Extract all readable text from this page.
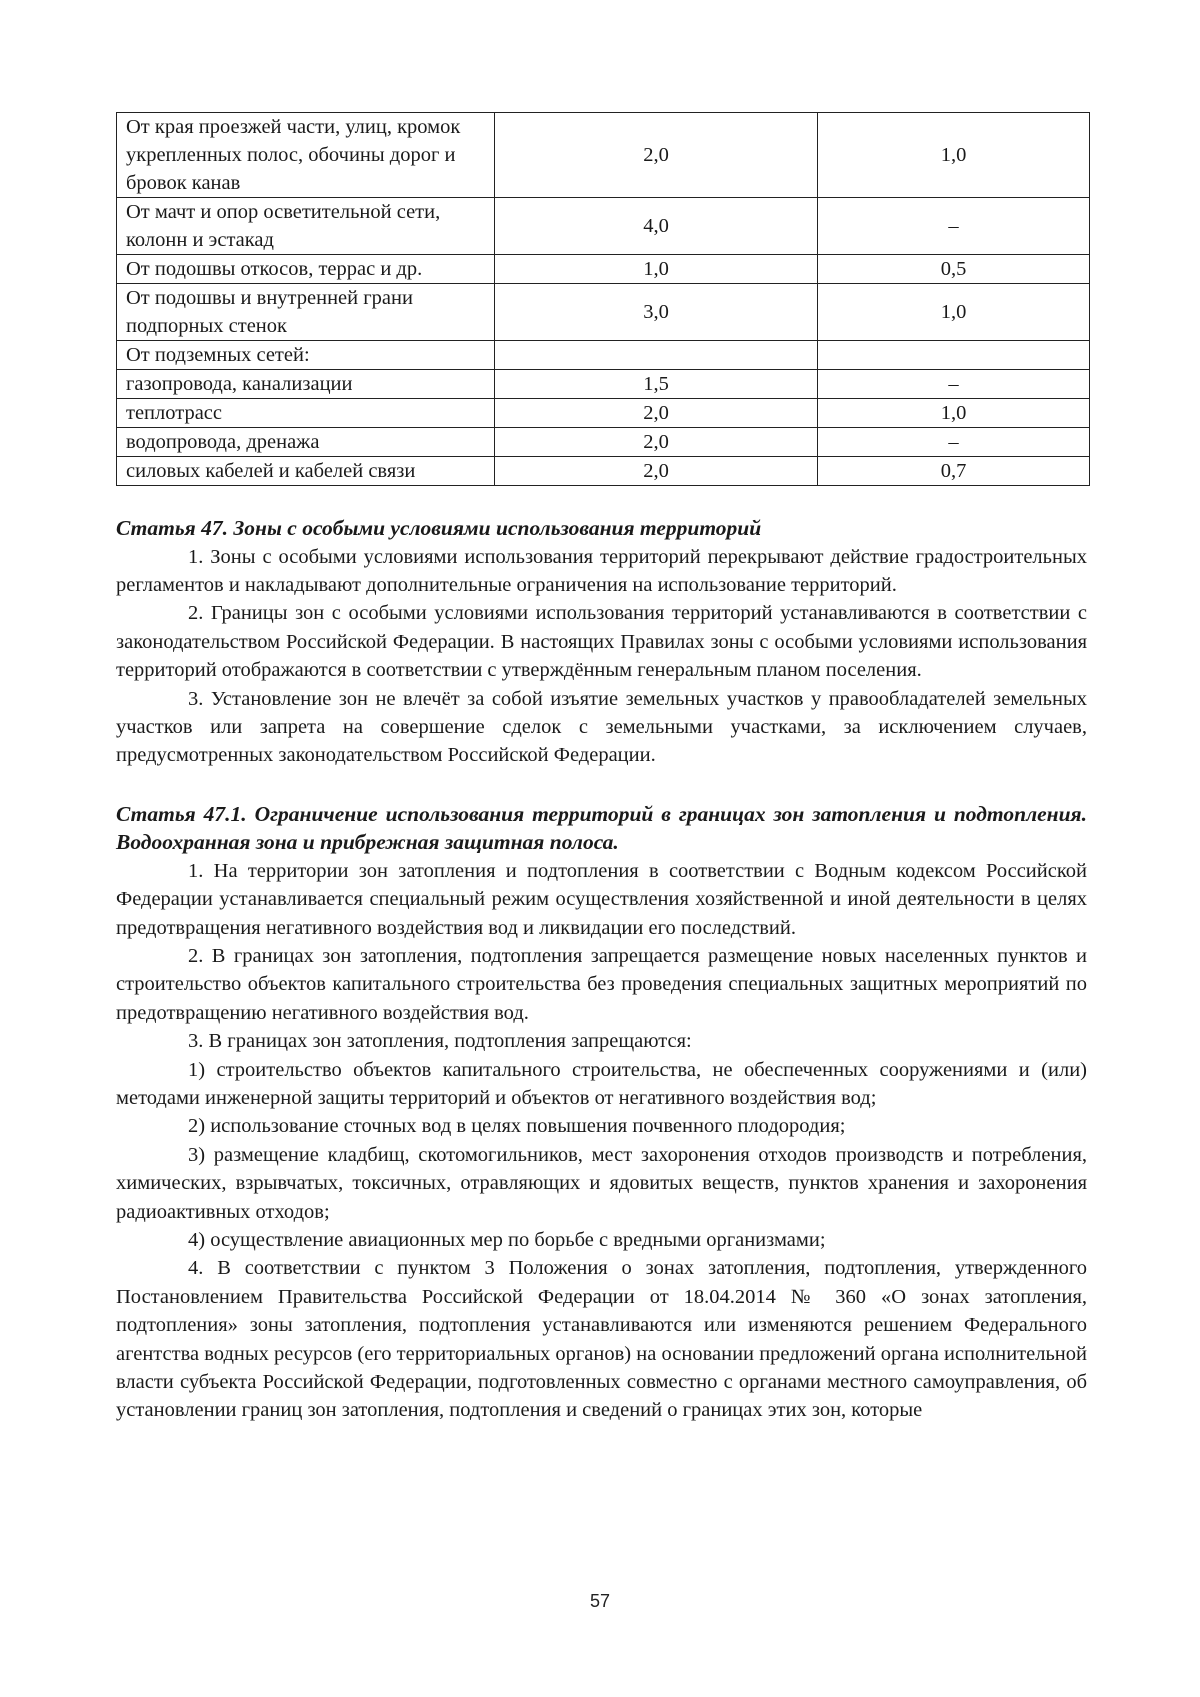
От края проезжей части, улиц, кромок укрепленных полос, обочины дорог и бровок канав	2,0	1,0
От мачт и опор осветительной сети, колонн и эстакад	4,0	–
От подошвы откосов, террас и др.	1,0	0,5
От подошвы и внутренней грани подпорных стенок	3,0	1,0
От подземных сетей:		
газопровода, канализации	1,5	–
теплотрасс	2,0	1,0
водопровода, дренажа	2,0	–
силовых кабелей и кабелей связи	2,0	0,7

Статья 47. Зоны с особыми условиями использования территорий

1. Зоны с особыми условиями использования территорий перекрывают действие градостроительных регламентов и накладывают дополнительные ограничения на использование территорий.

2. Границы зон с особыми условиями использования территорий устанавливаются в соответствии с законодательством Российской Федерации. В настоящих Правилах зоны с особыми условиями использования территорий отображаются в соответствии с утверждённым генеральным планом поселения.

3. Установление зон не влечёт за собой изъятие земельных участков у правообладателей земельных участков или запрета на совершение сделок с земельными участками, за исключением случаев, предусмотренных законодательством Российской Федерации.

Статья 47.1. Ограничение использования территорий в границах зон затопления и подтопления. Водоохранная зона и прибрежная защитная полоса.

1. На территории зон затопления и подтопления в соответствии с Водным кодексом Российской Федерации устанавливается специальный режим осуществления хозяйственной и иной деятельности в целях предотвращения негативного воздействия вод и ликвидации его последствий.

2. В границах зон затопления, подтопления запрещается размещение новых населенных пунктов и строительство объектов капитального строительства без проведения специальных защитных мероприятий по предотвращению негативного воздействия вод.

3. В границах зон затопления, подтопления запрещаются:

1) строительство объектов капитального строительства, не обеспеченных сооружениями и (или) методами инженерной защиты территорий и объектов от негативного воздействия вод;

2) использование сточных вод в целях повышения почвенного плодородия;

3) размещение кладбищ, скотомогильников, мест захоронения отходов производств и потребления, химических, взрывчатых, токсичных, отравляющих и ядовитых веществ, пунктов хранения и захоронения радиоактивных отходов;

4) осуществление авиационных мер по борьбе с вредными организмами;

4. В соответствии с пунктом 3 Положения о зонах затопления, подтопления, утвержденного Постановлением Правительства Российской Федерации от 18.04.2014 № 360 «О зонах затопления, подтопления» зоны затопления, подтопления устанавливаются или изменяются решением Федерального агентства водных ресурсов (его территориальных органов) на основании предложений органа исполнительной власти субъекта Российской Федерации, подготовленных совместно с органами местного самоуправления, об установлении границ зон затопления, подтопления и сведений о границах этих зон, которые

57
